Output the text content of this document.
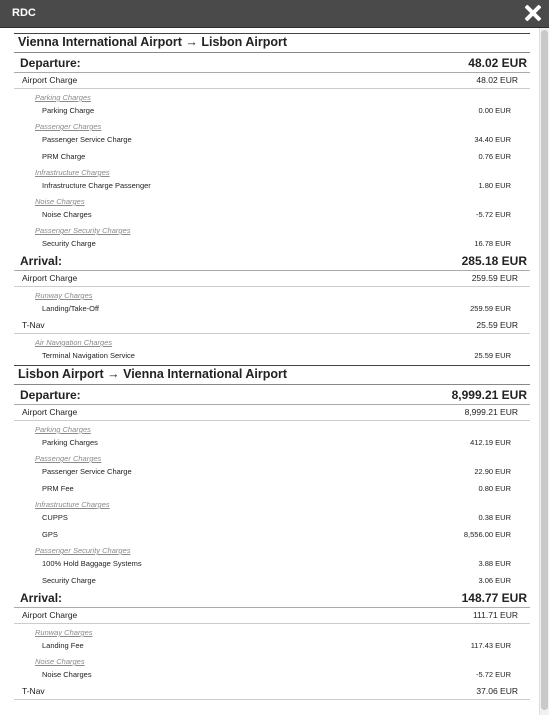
RDC
Vienna International Airport → Lisbon Airport
Departure:	48.02 EUR
Airport Charge	48.02 EUR
Parking Charges
Parking Charge	0.00 EUR
Passenger Charges
Passenger Service Charge	34.40 EUR
PRM Charge	0.76 EUR
Infrastructure Charges
Infrastructure Charge Passenger	1.80 EUR
Noise Charges
Noise Charges	-5.72 EUR
Passenger Security Charges
Security Charge	16.78 EUR
Arrival:	285.18 EUR
Airport Charge	259.59 EUR
Runway Charges
Landing/Take-Off	259.59 EUR
T-Nav	25.59 EUR
Air Navigation Charges
Terminal Navigation Service	25.59 EUR
Lisbon Airport → Vienna International Airport
Departure:	8,999.21 EUR
Airport Charge	8,999.21 EUR
Parking Charges
Parking Charges	412.19 EUR
Passenger Charges
Passenger Service Charge	22.90 EUR
PRM Fee	0.80 EUR
Infrastructure Charges
CUPPS	0.38 EUR
GPS	8,556.00 EUR
Passenger Security Charges
100% Hold Baggage Systems	3.88 EUR
Security Charge	3.06 EUR
Arrival:	148.77 EUR
Airport Charge	111.71 EUR
Runway Charges
Landing Fee	117.43 EUR
Noise Charges
Noise Charges	-5.72 EUR
T-Nav	37.06 EUR
